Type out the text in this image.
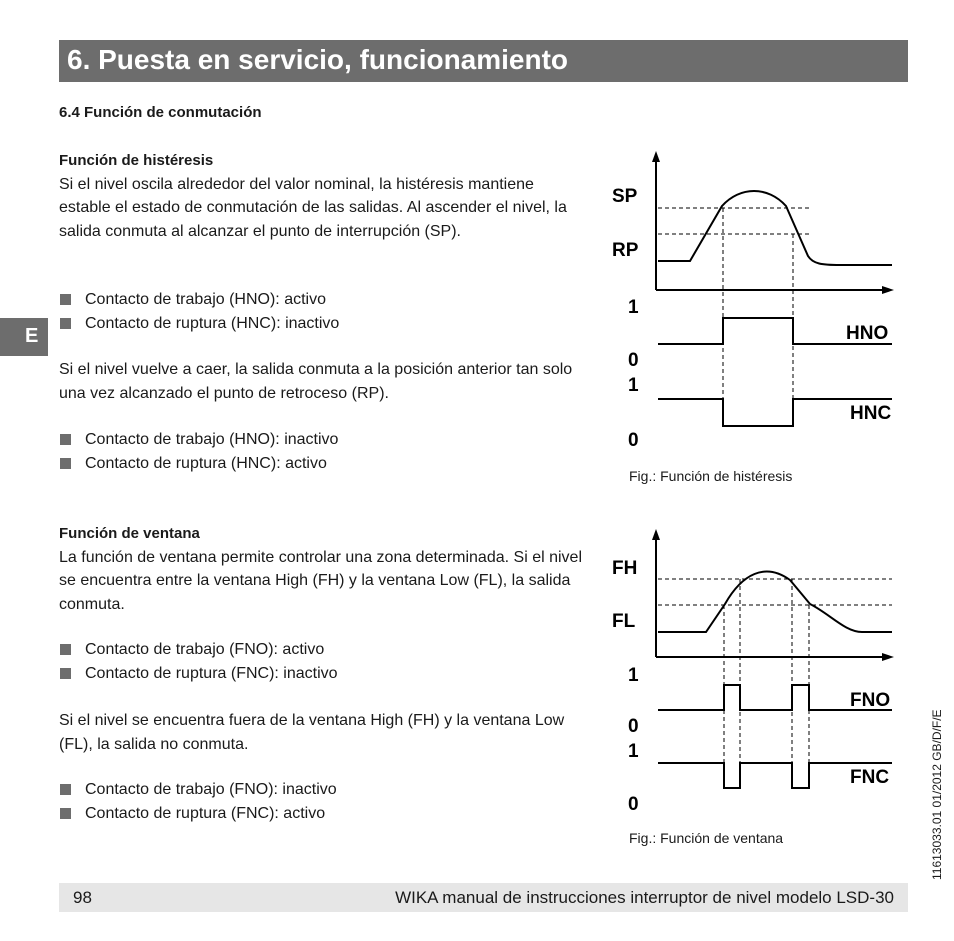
6. Puesta en servicio, funcionamiento
E
6.4 Función de conmutación
Función de histéresis

Si el nivel oscila alrededor del valor nominal, la histéresis mantiene estable el estado de conmutación de las salidas. Al ascender el nivel, la salida conmuta al alcanzar el punto de interrupción (SP).

Contacto de trabajo (HNO): activo
Contacto de ruptura (HNC): inactivo

Si el nivel vuelve a caer, la salida conmuta a la posición anterior tan solo una vez alcanzado el punto de retroceso (RP).

Contacto de trabajo (HNO): inactivo
Contacto de ruptura (HNC): activo
SP
RP
1
0
1
0
HNO
HNC
Fig.: Función de histéresis
Función de ventana

La función de ventana permite controlar una zona determinada. Si el nivel se encuentra entre la ventana High (FH) y la ventana Low (FL), la salida conmuta.

Contacto de trabajo (FNO): activo
Contacto de ruptura (FNC): inactivo

Si el nivel se encuentra fuera de la ventana High (FH) y la ventana Low (FL), la salida no conmuta.

Contacto de trabajo (FNO): inactivo
Contacto de ruptura (FNC): activo
FH
FL
1
0
1
0
FNO
FNC
Fig.: Función de ventana
98	WIKA manual de instrucciones interruptor de nivel modelo LSD-30
11613033.01 01/2012 GB/D/F/E
